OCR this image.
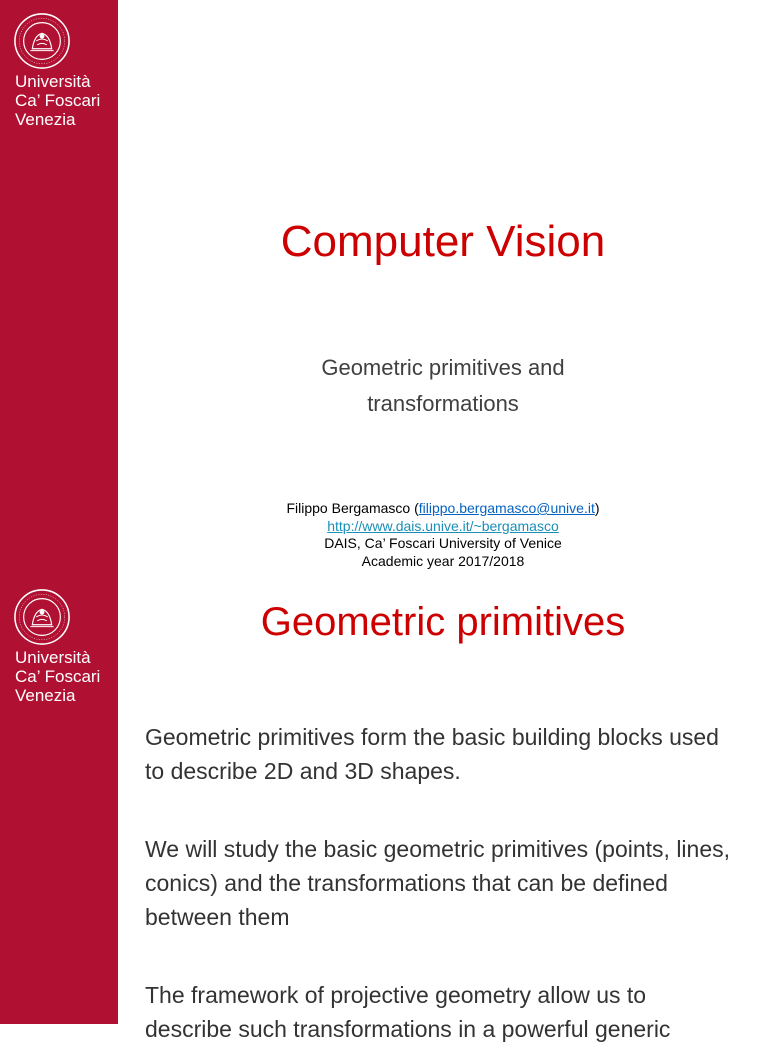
Università
Ca’ Foscari
Venezia
Computer Vision
Geometric primitives and
transformations
Filippo Bergamasco (filippo.bergamasco@unive.it)
http://www.dais.unive.it/~bergamasco
DAIS, Ca’ Foscari University of Venice
Academic year 2017/2018
Università
Ca’ Foscari
Venezia
Geometric primitives
Geometric primitives form the basic building blocks used to describe 2D and 3D shapes.
We will study the basic geometric primitives (points, lines, conics) and the transformations that can be defined between them
The framework of projective geometry allow us to describe such transformations in a powerful generic
